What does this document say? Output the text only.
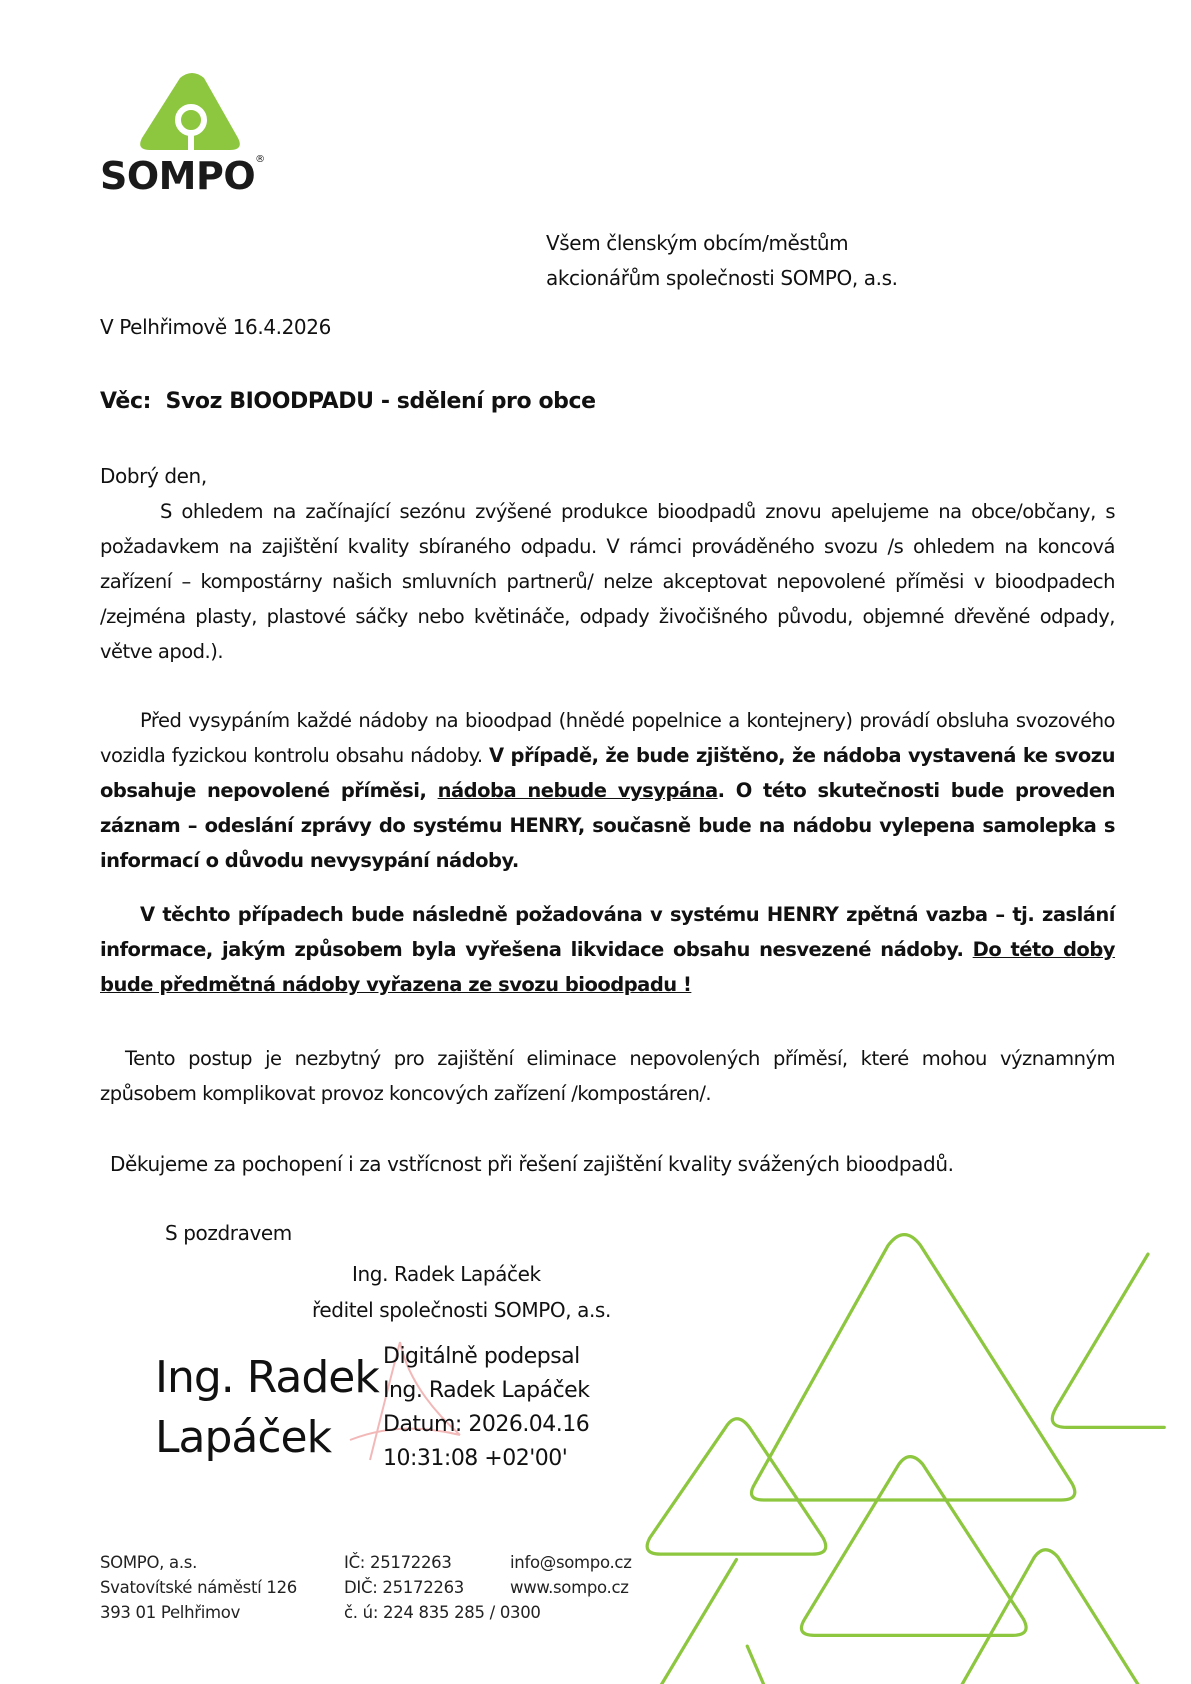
SOMPO®
Všem členským obcím/městům
akcionářům společnosti SOMPO, a.s.
V Pelhřimově 16.4.2026
Věc: Svoz BIOODPADU - sdělení pro obce
Dobrý den,
S ohledem na začínající sezónu zvýšené produkce bioodpadů znovu apelujeme na obce/občany, s požadavkem na zajištění kvality sbíraného odpadu. V rámci prováděného svozu /s ohledem na koncová zařízení – kompostárny našich smluvních partnerů/ nelze akceptovat nepovolené příměsi v bioodpadech /zejména plasty, plastové sáčky nebo květináče, odpady živočišného původu, objemné dřevěné odpady, větve apod.).
Před vysypáním každé nádoby na bioodpad (hnědé popelnice a kontejnery) provádí obsluha svozového vozidla fyzickou kontrolu obsahu nádoby. V případě, že bude zjištěno, že nádoba vystavená ke svozu obsahuje nepovolené příměsi, nádoba nebude vysypána. O této skutečnosti bude proveden záznam – odeslání zprávy do systému HENRY, současně bude na nádobu vylepena samolepka s informací o důvodu nevysypání nádoby.
V těchto případech bude následně požadována v systému HENRY zpětná vazba – tj. zaslání informace, jakým způsobem byla vyřešena likvidace obsahu nesvezené nádoby. Do této doby bude předmětná nádoby vyřazena ze svozu bioodpadu !
Tento postup je nezbytný pro zajištění eliminace nepovolených příměsí, které mohou významným způsobem komplikovat provoz koncových zařízení /kompostáren/.
Děkujeme za pochopení i za vstřícnost při řešení zajištění kvality svážených bioodpadů.
S pozdravem
Ing. Radek Lapáček
ředitel společnosti SOMPO, a.s.
Ing. Radek
Lapáček
Digitálně podepsal
Ing. Radek Lapáček
Datum: 2026.04.16
10:31:08 +02'00'
SOMPO, a.s.
Svatovítské náměstí 126
393 01 Pelhřimov
IČ: 25172263
DIČ: 25172263
č. ú: 224 835 285 / 0300
info@sompo.cz
www.sompo.cz
